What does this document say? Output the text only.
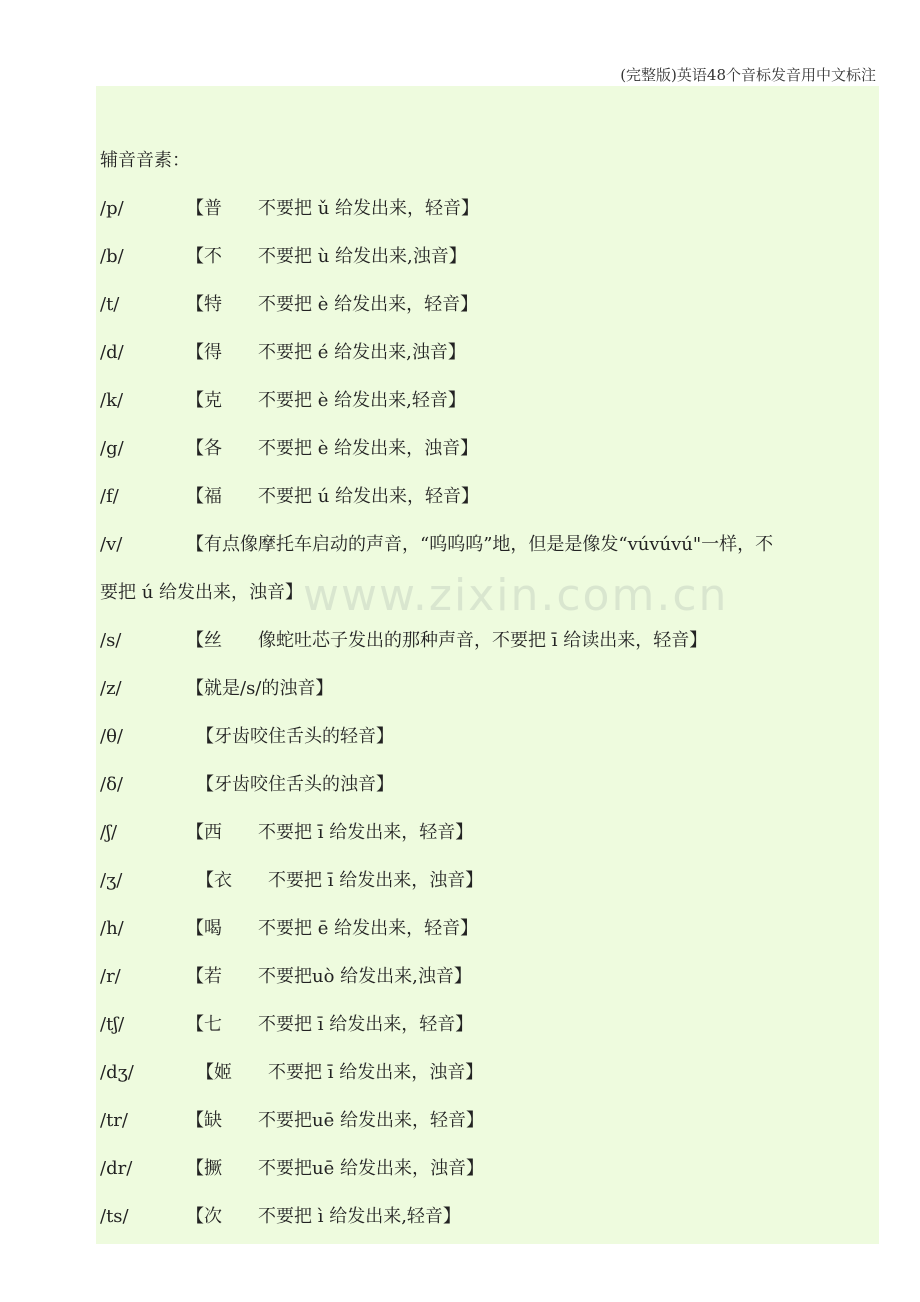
(完整版)英语48个音标发音用中文标注
辅音音素：
/p/	【普　　不要把 ǔ 给发出来，轻音】
/b/	【不　　不要把 ù 给发出来,浊音】
/t/	【特　　不要把 è 给发出来，轻音】
/d/	【得　　不要把 é 给发出来,浊音】
/k/	【克　　不要把 è 给发出来,轻音】
/g/	【各　　不要把 è 给发出来，浊音】
/f/	【福　　不要把 ú 给发出来，轻音】
/v/	【有点像摩托车启动的声音，“呜呜呜”地，但是是像发“vúvúvú"一样，不
要把 ú 给发出来，浊音】
/s/	【丝　　像蛇吐芯子发出的那种声音，不要把 ī 给读出来，轻音】
/z/	【就是/s/的浊音】
/θ/	【牙齿咬住舌头的轻音】
/δ/	【牙齿咬住舌头的浊音】
/ʃ/	【西　　不要把 ī 给发出来，轻音】
/ʒ/	【衣　　不要把 ī 给发出来，浊音】
/h/	【喝　　不要把 ē 给发出来，轻音】
/r/	【若　　不要把uò 给发出来,浊音】
/tʃ/	【七　　不要把 ī 给发出来，轻音】
/dʒ/	【姬　　不要把 ī 给发出来，浊音】
/tr/	【缺　　不要把uē 给发出来，轻音】
/dr/	【撅　　不要把uē 给发出来，浊音】
/ts/	【次　　不要把 ì 给发出来,轻音】
www.zixin.com.cn
